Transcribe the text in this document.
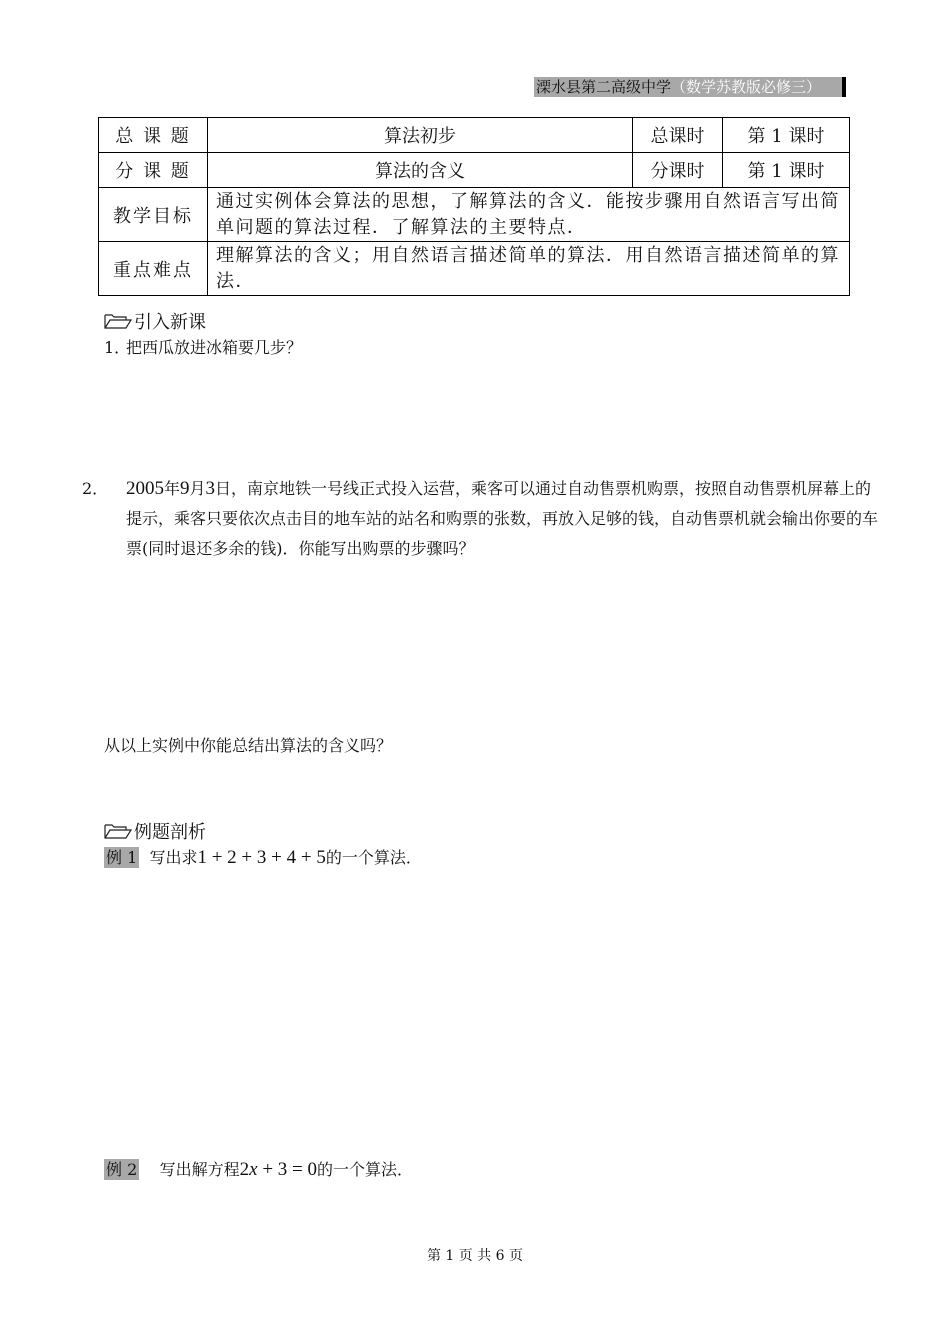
溧水县第二高级中学（数学苏教版必修三）
总 课 题	算法初步	总课时	第 1 课时
分 课 题	算法的含义	分课时	第 1 课时
教学目标	通过实例体会算法的思想，了解算法的含义．能按步骤用自然语言写出简单问题的算法过程．了解算法的主要特点．		
重点难点	理解算法的含义；用自然语言描述简单的算法．用自然语言描述简单的算法．		
引入新课
1．把西瓜放进冰箱要几步？
2． 2005年9月3日，南京地铁一号线正式投入运营，乘客可以通过自动售票机购票，按照自动售票机屏幕上的提示，乘客只要依次点击目的地车站的站名和购票的张数，再放入足够的钱，自动售票机就会输出你要的车票(同时退还多余的钱)．你能写出购票的步骤吗？
从以上实例中你能总结出算法的含义吗？
例题剖析
例 1 写出求1 + 2 + 3 + 4 + 5的一个算法．
例 2 写出解方程2x + 3 = 0的一个算法．
第 1 页 共 6 页
